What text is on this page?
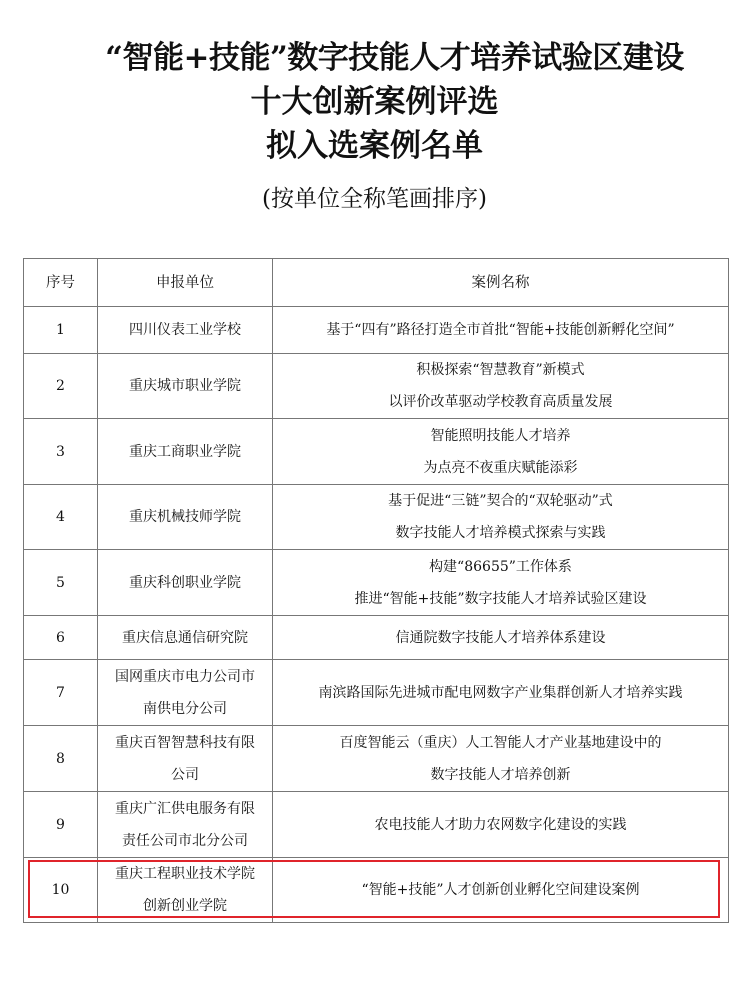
“智能+技能”数字技能人才培养试验区建设
十大创新案例评选
拟入选案例名单
(按单位全称笔画排序)
序号	申报单位	案例名称
1	四川仪表工业学校	基于“四有”路径打造全市首批“智能+技能创新孵化空间”

2	重庆城市职业学院	积极探索“智慧教育”新模式
以评价改革驱动学校教育高质量发展

3	重庆工商职业学院	智能照明技能人才培养
为点亮不夜重庆赋能添彩

4	重庆机械技师学院	基于促进“三链”契合的“双轮驱动”式
数字技能人才培养模式探索与实践

5	重庆科创职业学院	构建“86655”工作体系
推进“智能+技能”数字技能人才培养试验区建设

6	重庆信息通信研究院	信通院数字技能人才培养体系建设

7	国网重庆市电力公司市
南供电分公司	南滨路国际先进城市配电网数字产业集群创新人才培养实践

8	重庆百智智慧科技有限
公司	百度智能云（重庆）人工智能人才产业基地建设中的
数字技能人才培养创新

9	重庆广汇供电服务有限
责任公司市北分公司	农电技能人才助力农网数字化建设的实践

10	重庆工程职业技术学院
创新创业学院	“智能+技能”人才创新创业孵化空间建设案例
